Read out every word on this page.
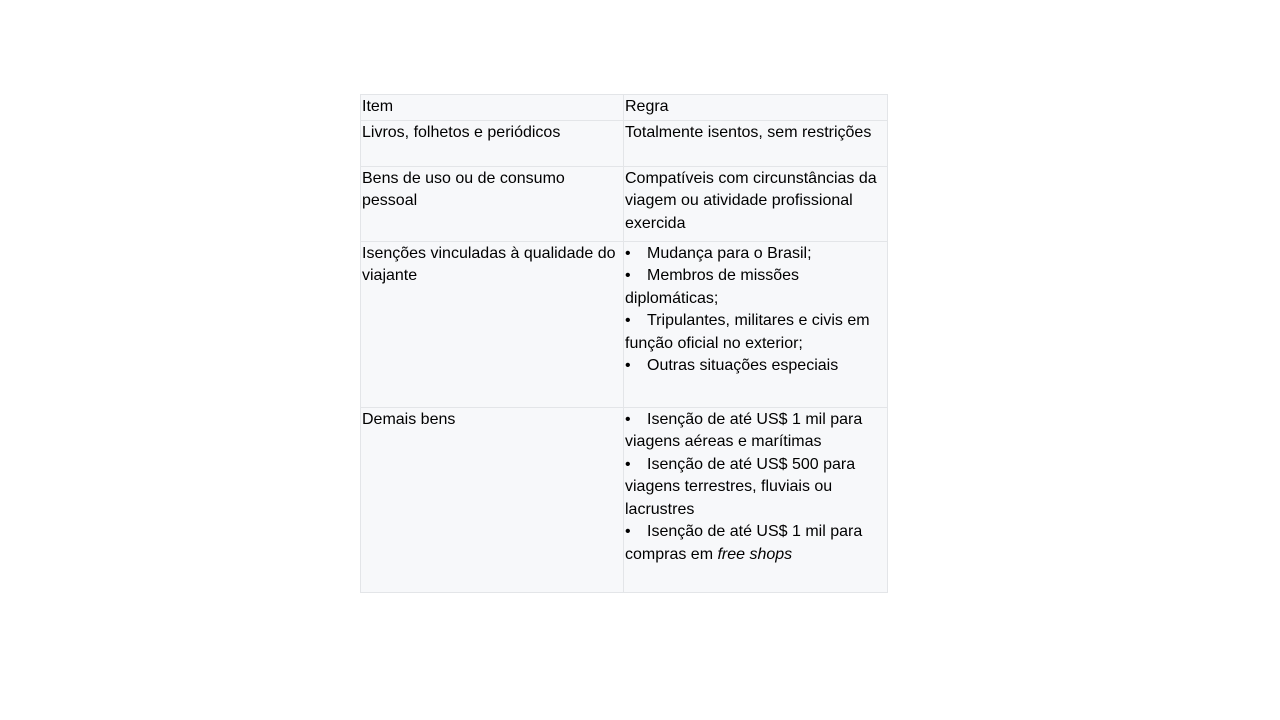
Item	Regra
Livros, folhetos e periódicos	Totalmente isentos, sem restrições
Bens de uso ou de consumo pessoal	Compatíveis com circunstâncias da viagem ou atividade profissional exercida
Isenções vinculadas à qualidade do viajante	• Mudança para o Brasil;
• Membros de missões diplomáticas;
• Tripulantes, militares e civis em função oficial no exterior;
• Outras situações especiais

Demais bens	• Isenção de até US$ 1 mil para viagens aéreas e marítimas
• Isenção de até US$ 500 para viagens terrestres, fluviais ou lacrustres
• Isenção de até US$ 1 mil para compras em free shops
